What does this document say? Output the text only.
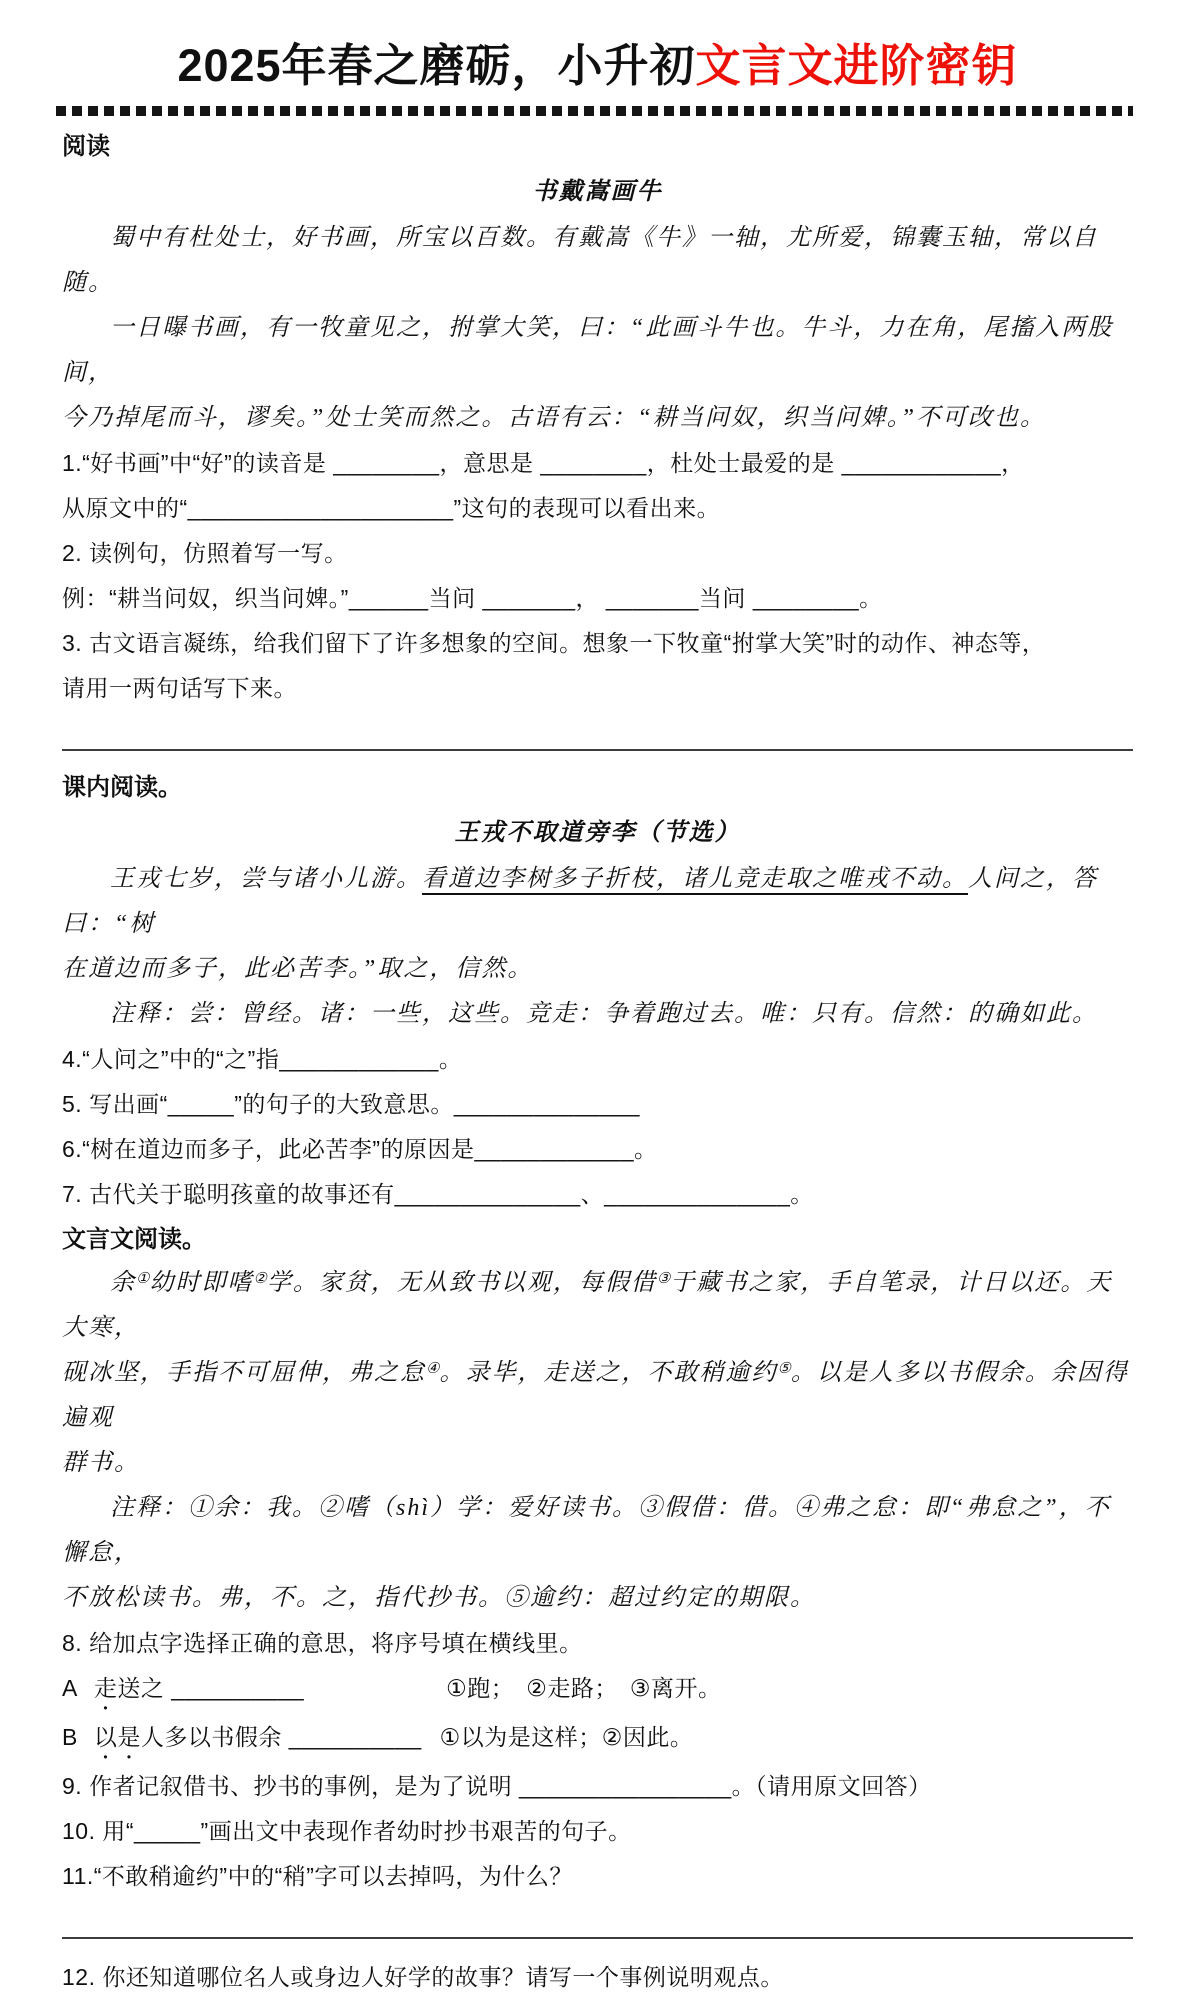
2025年春之磨砺，小升初文言文进阶密钥
阅读

书戴嵩画牛

蜀中有杜处士，好书画，所宝以百数。有戴嵩《牛》一轴，尤所爱，锦囊玉轴，常以自随。

一日曝书画，有一牧童见之，拊掌大笑，曰：“此画斗牛也。牛斗，力在角，尾搐入两股间，

今乃掉尾而斗，谬矣。”处士笑而然之。古语有云：“耕当问奴，织当问婢。”不可改也。

1.“好书画”中“好”的读音是 ________，意思是 ________，杜处士最爱的是 ____________，

从原文中的“____________________”这句的表现可以看出来。

2. 读例句，仿照着写一写。

例：“耕当问奴，织当问婢。”______当问 _______， _______当问 ________。

3. 古文语言凝练，给我们留下了许多想象的空间。想象一下牧童“拊掌大笑”时的动作、神态等，

请用一两句话写下来。

课内阅读。

王戎不取道旁李（节选）

王戎七岁，尝与诸小儿游。看道边李树多子折枝，诸儿竞走取之唯戎不动。人问之，答曰：“树

在道边而多子，此必苦李。”取之，信然。

注释：尝：曾经。诸：一些，这些。竞走：争着跑过去。唯：只有。信然：的确如此。

4.“人问之”中的“之”指____________。

5. 写出画“_____”的句子的大致意思。______________

6.“树在道边而多子，此必苦李”的原因是____________。

7. 古代关于聪明孩童的故事还有______________、______________。

文言文阅读。

余①幼时即嗜②学。家贫，无从致书以观，每假借③于藏书之家，手自笔录，计日以还。天大寒，

砚冰坚，手指不可屈伸，弗之怠④。录毕，走送之，不敢稍逾约⑤。以是人多以书假余。余因得遍观

群书。

注释：①余：我。②嗜（shì）学：爱好读书。③假借：借。④弗之怠：即“弗怠之”，不懈怠，

不放松读书。弗，不。之，指代抄书。⑤逾约：超过约定的期限。

8. 给加点字选择正确的意思，将序号填在横线里。

A 走送之 __________	①跑；　②走路；　③离开。

B 以是人多以书假余 __________ ①以为是这样；②因此。

9. 作者记叙借书、抄书的事例，是为了说明 ________________。（请用原文回答）

10. 用“_____”画出文中表现作者幼时抄书艰苦的句子。

11.“不敢稍逾约”中的“稍”字可以去掉吗，为什么？

12. 你还知道哪位名人或身边人好学的故事？请写一个事例说明观点。
